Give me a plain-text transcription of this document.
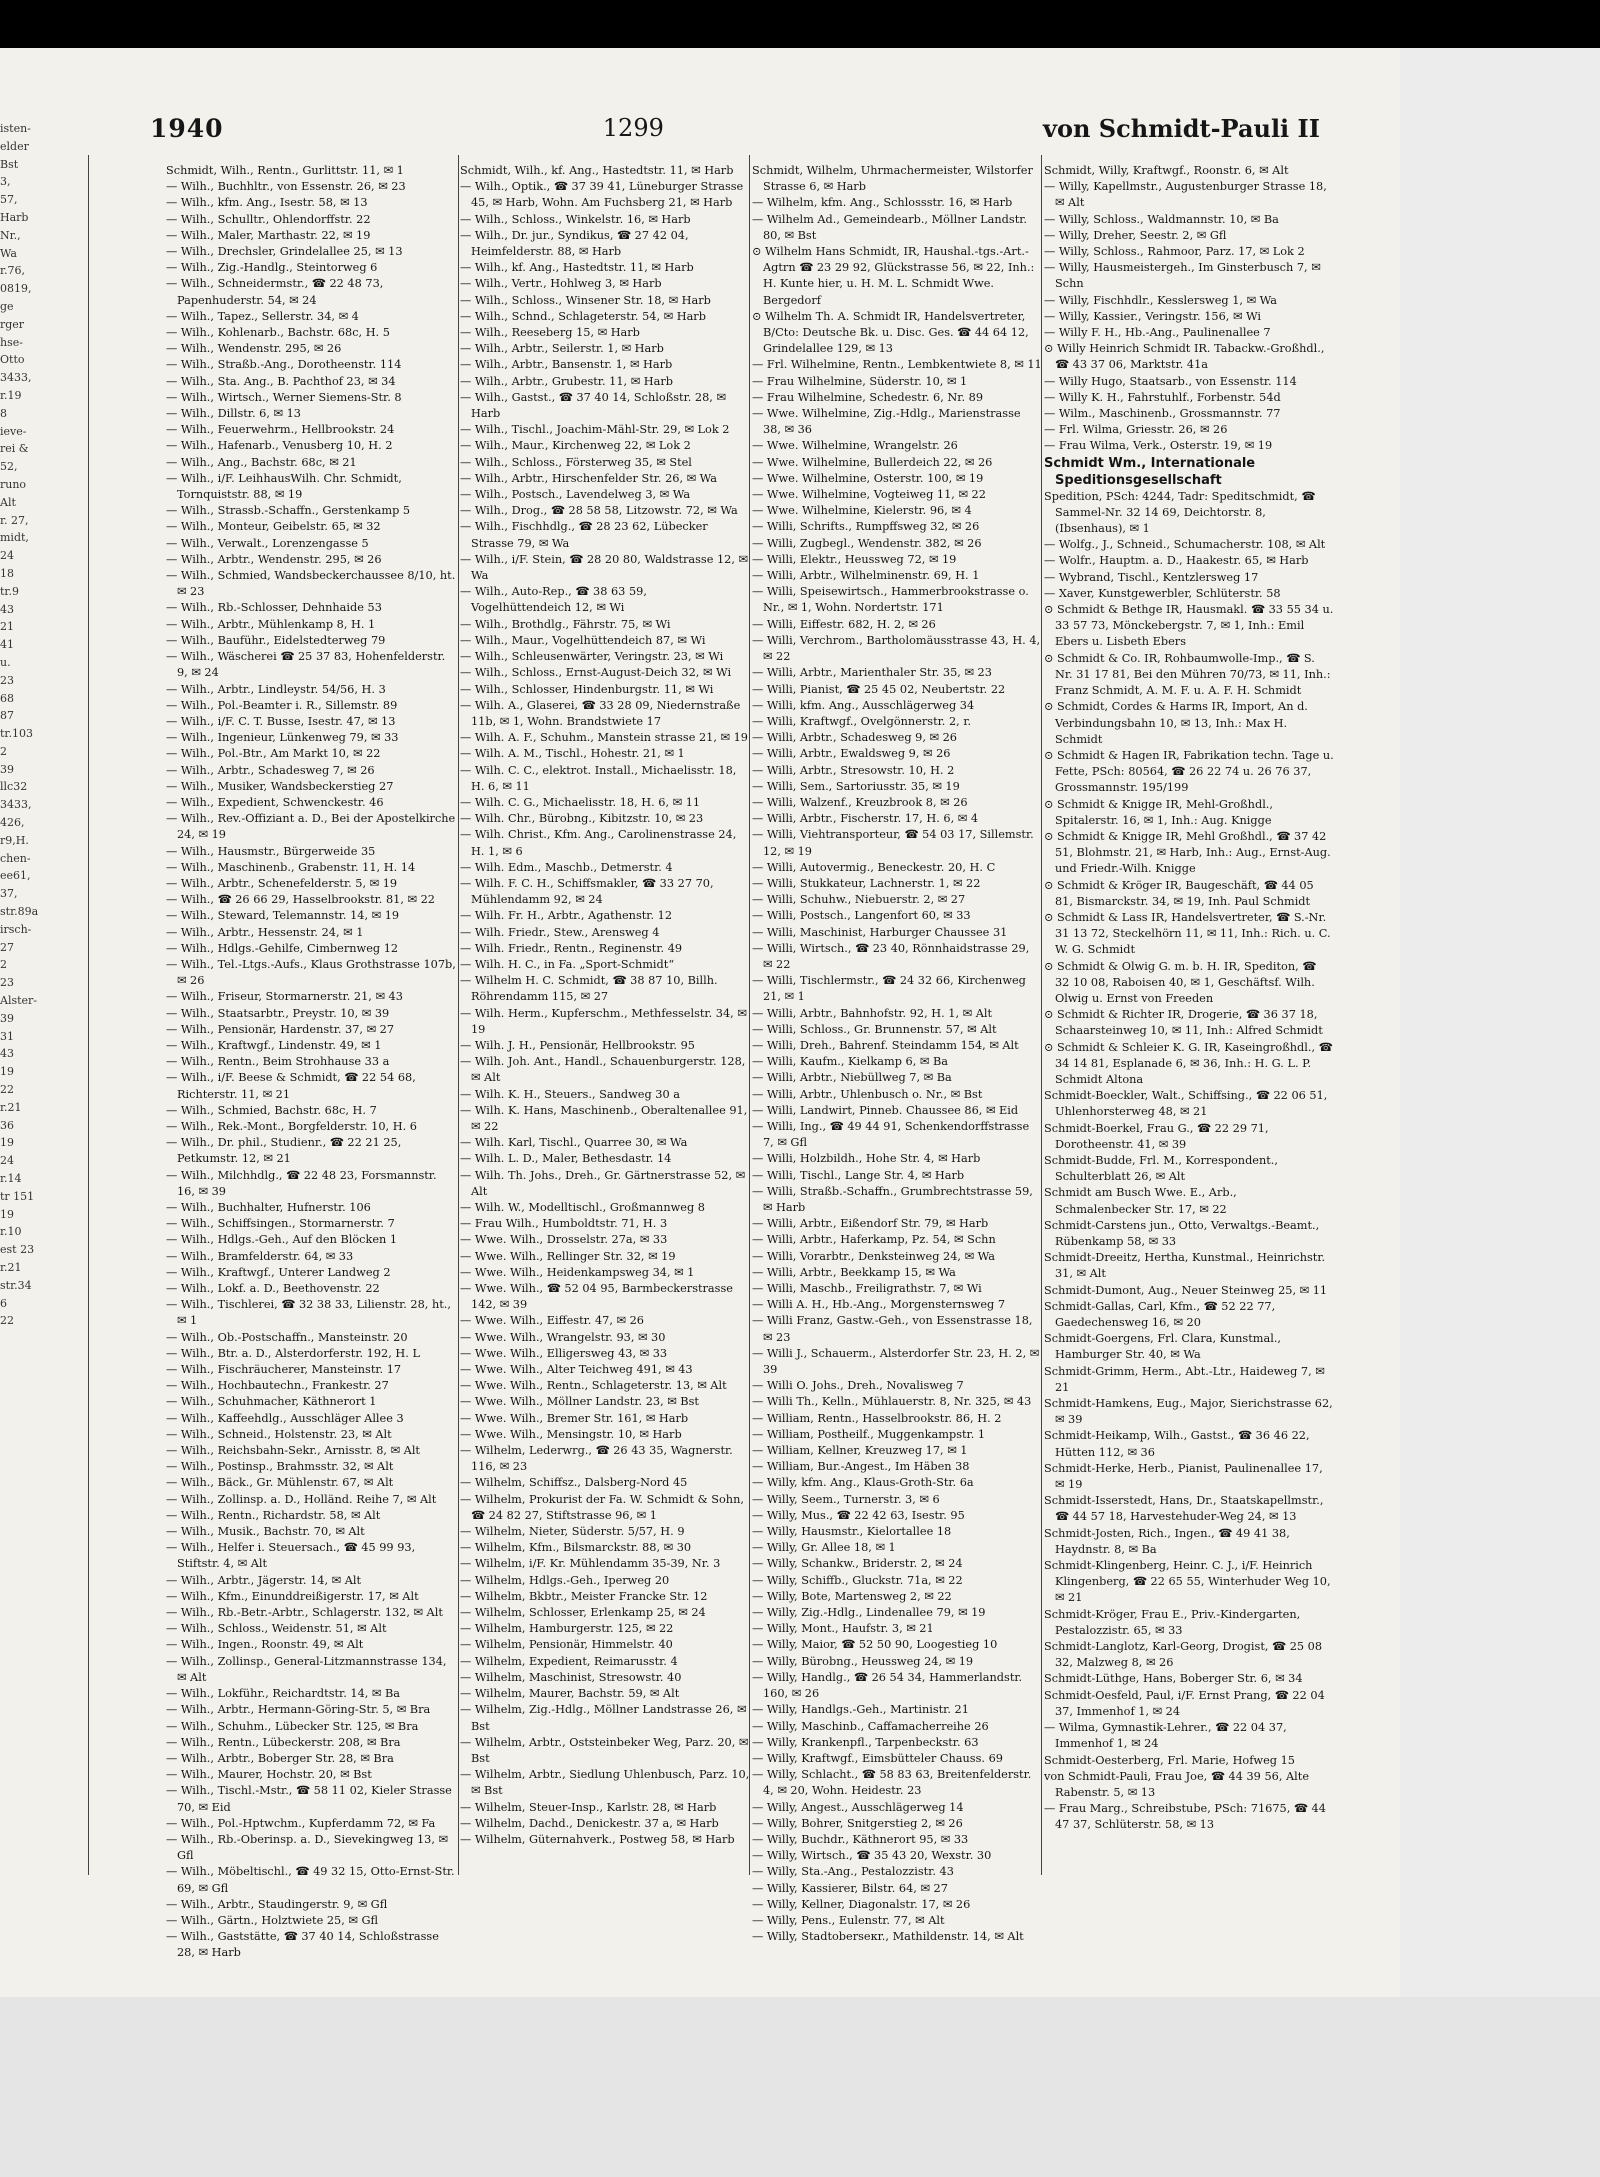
isten-
elder
Bst
3,
57,
Harb
Nr.,
Wa
r.76,
0819,
ge
rger
hse-
Otto
3433,
r.19
8
ieve-
rei &
52,
runo
Alt
r. 27,
midt,
24
18
tr.9
43
21
41
u.
23
68
87
tr.103
2
39
llc32
3433,
426,
r9,H.
chen-
ee61,
37,
str.89a
irsch-
27
2
23
Alster-
39
31
43
19
22
r.21
36
19
24
r.14
tr 151
19
r.10
est 23
r.21
str.34
6
22
1940	1299	von Schmidt-Pauli II

Schmidt, Wilh., Rentn., Gurlittstr. 11, ✉ 1

— Wilh., Buchhltr., von Essenstr. 26, ✉ 23

— Wilh., kfm. Ang., Isestr. 58, ✉ 13

— Wilh., Schulltr., Ohlendorffstr. 22

— Wilh., Maler, Marthastr. 22, ✉ 19

— Wilh., Drechsler, Grindelallee 25, ✉ 13

— Wilh., Zig.-Handlg., Steintorweg 6

— Wilh., Schneidermstr., ☎ 22 48 73, Papenhuderstr. 54, ✉ 24

— Wilh., Tapez., Sellerstr. 34, ✉ 4

— Wilh., Kohlenarb., Bachstr. 68c, H. 5

— Wilh., Wendenstr. 295, ✉ 26

— Wilh., Straßb.-Ang., Dorotheenstr. 114

— Wilh., Sta. Ang., B. Pachthof 23, ✉ 34

— Wilh., Wirtsch., Werner Siemens-Str. 8

— Wilh., Dillstr. 6, ✉ 13

— Wilh., Feuerwehrm., Hellbrookstr. 24

— Wilh., Hafenarb., Venusberg 10, H. 2

— Wilh., Ang., Bachstr. 68c, ✉ 21

— Wilh., i/F. LeihhausWilh. Chr. Schmidt, Tornquiststr. 88, ✉ 19

— Wilh., Strassb.-Schaffn., Gerstenkamp 5

— Wilh., Monteur, Geibelstr. 65, ✉ 32

— Wilh., Verwalt., Lorenzengasse 5

— Wilh., Arbtr., Wendenstr. 295, ✉ 26

— Wilh., Schmied, Wandsbeckerchaussee 8/10, ht. ✉ 23

— Wilh., Rb.-Schlosser, Dehnhaide 53

— Wilh., Arbtr., Mühlenkamp 8, H. 1

— Wilh., Bauführ., Eidelstedterweg 79

— Wilh., Wäscherei ☎ 25 37 83, Hohenfelderstr. 9, ✉ 24

— Wilh., Arbtr., Lindleystr. 54/56, H. 3

— Wilh., Pol.-Beamter i. R., Sillemstr. 89

— Wilh., i/F. C. T. Busse, Isestr. 47, ✉ 13

— Wilh., Ingenieur, Lünkenweg 79, ✉ 33

— Wilh., Pol.-Btr., Am Markt 10, ✉ 22

— Wilh., Arbtr., Schadesweg 7, ✉ 26

— Wilh., Musiker, Wandsbeckerstieg 27

— Wilh., Expedient, Schwenckestr. 46

— Wilh., Rev.-Offiziant a. D., Bei der Apostelkirche 24, ✉ 19

— Wilh., Hausmstr., Bürgerweide 35

— Wilh., Maschinenb., Grabenstr. 11, H. 14

— Wilh., Arbtr., Schenefelderstr. 5, ✉ 19

— Wilh., ☎ 26 66 29, Hasselbrookstr. 81, ✉ 22

— Wilh., Steward, Telemannstr. 14, ✉ 19

— Wilh., Arbtr., Hessenstr. 24, ✉ 1

— Wilh., Hdlgs.-Gehilfe, Cimbernweg 12

— Wilh., Tel.-Ltgs.-Aufs., Klaus Grothstrasse 107b, ✉ 26

— Wilh., Friseur, Stormarnerstr. 21, ✉ 43

— Wilh., Staatsarbtr., Preystr. 10, ✉ 39

— Wilh., Pensionär, Hardenstr. 37, ✉ 27

— Wilh., Kraftwgf., Lindenstr. 49, ✉ 1

— Wilh., Rentn., Beim Strohhause 33 a

— Wilh., i/F. Beese & Schmidt, ☎ 22 54 68, Richterstr. 11, ✉ 21

— Wilh., Schmied, Bachstr. 68c, H. 7

— Wilh., Rek.-Mont., Borgfelderstr. 10, H. 6

— Wilh., Dr. phil., Studienr., ☎ 22 21 25, Petkumstr. 12, ✉ 21

— Wilh., Milchhdlg., ☎ 22 48 23, Forsmannstr. 16, ✉ 39

— Wilh., Buchhalter, Hufnerstr. 106

— Wilh., Schiffsingen., Stormarnerstr. 7

— Wilh., Hdlgs.-Geh., Auf den Blöcken 1

— Wilh., Bramfelderstr. 64, ✉ 33

— Wilh., Kraftwgf., Unterer Landweg 2

— Wilh., Lokf. a. D., Beethovenstr. 22

— Wilh., Tischlerei, ☎ 32 38 33, Lilienstr. 28, ht., ✉ 1

— Wilh., Ob.-Postschaffn., Mansteinstr. 20

— Wilh., Btr. a. D., Alsterdorferstr. 192, H. L

— Wilh., Fischräucherer, Mansteinstr. 17

— Wilh., Hochbautechn., Frankestr. 27

— Wilh., Schuhmacher, Käthnerort 1

— Wilh., Kaffeehdlg., Ausschläger Allee 3

— Wilh., Schneid., Holstenstr. 23, ✉ Alt

— Wilh., Reichsbahn-Sekr., Arnisstr. 8, ✉ Alt

— Wilh., Postinsp., Brahmsstr. 32, ✉ Alt

— Wilh., Bäck., Gr. Mühlenstr. 67, ✉ Alt

— Wilh., Zollinsp. a. D., Holländ. Reihe 7, ✉ Alt

— Wilh., Rentn., Richardstr. 58, ✉ Alt

— Wilh., Musik., Bachstr. 70, ✉ Alt

— Wilh., Helfer i. Steuersach., ☎ 45 99 93, Stiftstr. 4, ✉ Alt

— Wilh., Arbtr., Jägerstr. 14, ✉ Alt

— Wilh., Kfm., Einunddreißigerstr. 17, ✉ Alt

— Wilh., Rb.-Betr.-Arbtr., Schlagerstr. 132, ✉ Alt

— Wilh., Schloss., Weidenstr. 51, ✉ Alt

— Wilh., Ingen., Roonstr. 49, ✉ Alt

— Wilh., Zollinsp., General-Litzmannstrasse 134, ✉ Alt

— Wilh., Lokführ., Reichardtstr. 14, ✉ Ba

— Wilh., Arbtr., Hermann-Göring-Str. 5, ✉ Bra

— Wilh., Schuhm., Lübecker Str. 125, ✉ Bra

— Wilh., Rentn., Lübeckerstr. 208, ✉ Bra

— Wilh., Arbtr., Boberger Str. 28, ✉ Bra

— Wilh., Maurer, Hochstr. 20, ✉ Bst

— Wilh., Tischl.-Mstr., ☎ 58 11 02, Kieler Strasse 70, ✉ Eid

— Wilh., Pol.-Hptwchm., Kupferdamm 72, ✉ Fa

— Wilh., Rb.-Oberinsp. a. D., Sievekingweg 13, ✉ Gfl

— Wilh., Möbeltischl., ☎ 49 32 15, Otto-Ernst-Str. 69, ✉ Gfl

— Wilh., Arbtr., Staudingerstr. 9, ✉ Gfl

— Wilh., Gärtn., Holztwiete 25, ✉ Gfl

— Wilh., Gaststätte, ☎ 37 40 14, Schloßstrasse 28, ✉ Harb

Schmidt, Wilh., kf. Ang., Hastedtstr. 11, ✉ Harb

— Wilh., Optik., ☎ 37 39 41, Lüneburger Strasse 45, ✉ Harb, Wohn. Am Fuchsberg 21, ✉ Harb

— Wilh., Schloss., Winkelstr. 16, ✉ Harb

— Wilh., Dr. jur., Syndikus, ☎ 27 42 04, Heimfelderstr. 88, ✉ Harb

— Wilh., kf. Ang., Hastedtstr. 11, ✉ Harb

— Wilh., Vertr., Hohlweg 3, ✉ Harb

— Wilh., Schloss., Winsener Str. 18, ✉ Harb

— Wilh., Schnd., Schlageterstr. 54, ✉ Harb

— Wilh., Reeseberg 15, ✉ Harb

— Wilh., Arbtr., Seilerstr. 1, ✉ Harb

— Wilh., Arbtr., Bansenstr. 1, ✉ Harb

— Wilh., Arbtr., Grubestr. 11, ✉ Harb

— Wilh., Gastst., ☎ 37 40 14, Schloßstr. 28, ✉ Harb

— Wilh., Tischl., Joachim-Mähl-Str. 29, ✉ Lok 2

— Wilh., Maur., Kirchenweg 22, ✉ Lok 2

— Wilh., Schloss., Försterweg 35, ✉ Stel

— Wilh., Arbtr., Hirschenfelder Str. 26, ✉ Wa

— Wilh., Postsch., Lavendelweg 3, ✉ Wa

— Wilh., Drog., ☎ 28 58 58, Litzowstr. 72, ✉ Wa

— Wilh., Fischhdlg., ☎ 28 23 62, Lübecker Strasse 79, ✉ Wa

— Wilh., i/F. Stein, ☎ 28 20 80, Waldstrasse 12, ✉ Wa

— Wilh., Auto-Rep., ☎ 38 63 59, Vogelhüttendeich 12, ✉ Wi

— Wilh., Brothdlg., Fährstr. 75, ✉ Wi

— Wilh., Maur., Vogelhüttendeich 87, ✉ Wi

— Wilh., Schleusenwärter, Veringstr. 23, ✉ Wi

— Wilh., Schloss., Ernst-August-Deich 32, ✉ Wi

— Wilh., Schlosser, Hindenburgstr. 11, ✉ Wi

— Wilh. A., Glaserei, ☎ 33 28 09, Niedernstraße 11b, ✉ 1, Wohn. Brandstwiete 17

— Wilh. A. F., Schuhm., Manstein strasse 21, ✉ 19

— Wilh. A. M., Tischl., Hohestr. 21, ✉ 1

— Wilh. C. C., elektrot. Install., Michaelisstr. 18, H. 6, ✉ 11

— Wilh. C. G., Michaelisstr. 18, H. 6, ✉ 11

— Wilh. Chr., Bürobng., Kibitzstr. 10, ✉ 23

— Wilh. Christ., Kfm. Ang., Carolinenstrasse 24, H. 1, ✉ 6

— Wilh. Edm., Maschb., Detmerstr. 4

— Wilh. F. C. H., Schiffsmakler, ☎ 33 27 70, Mühlendamm 92, ✉ 24

— Wilh. Fr. H., Arbtr., Agathenstr. 12

— Wilh. Friedr., Stew., Arensweg 4

— Wilh. Friedr., Rentn., Reginenstr. 49

— Wilh. H. C., in Fa. „Sport-Schmidt“

— Wilhelm H. C. Schmidt, ☎ 38 87 10, Billh. Röhrendamm 115, ✉ 27

— Wilh. Herm., Kupferschm., Methfesselstr. 34, ✉ 19

— Wilh. J. H., Pensionär, Hellbrookstr. 95

— Wilh. Joh. Ant., Handl., Schauenburgerstr. 128, ✉ Alt

— Wilh. K. H., Steuers., Sandweg 30 a

— Wilh. K. Hans, Maschinenb., Oberaltenallee 91, ✉ 22

— Wilh. Karl, Tischl., Quarree 30, ✉ Wa

— Wilh. L. D., Maler, Bethesdastr. 14

— Wilh. Th. Johs., Dreh., Gr. Gärtnerstrasse 52, ✉ Alt

— Wilh. W., Modelltischl., Großmannweg 8

— Frau Wilh., Humboldtstr. 71, H. 3

— Wwe. Wilh., Drosselstr. 27a, ✉ 33

— Wwe. Wilh., Rellinger Str. 32, ✉ 19

— Wwe. Wilh., Heidenkampsweg 34, ✉ 1

— Wwe. Wilh., ☎ 52 04 95, Barmbeckerstrasse 142, ✉ 39

— Wwe. Wilh., Eiffestr. 47, ✉ 26

— Wwe. Wilh., Wrangelstr. 93, ✉ 30

— Wwe. Wilh., Elligersweg 43, ✉ 33

— Wwe. Wilh., Alter Teichweg 491, ✉ 43

— Wwe. Wilh., Rentn., Schlageterstr. 13, ✉ Alt

— Wwe. Wilh., Möllner Landstr. 23, ✉ Bst

— Wwe. Wilh., Bremer Str. 161, ✉ Harb

— Wwe. Wilh., Mensingstr. 10, ✉ Harb

— Wilhelm, Lederwrg., ☎ 26 43 35, Wagnerstr. 116, ✉ 23

— Wilhelm, Schiffsz., Dalsberg-Nord 45

— Wilhelm, Prokurist der Fa. W. Schmidt & Sohn, ☎ 24 82 27, Stiftstrasse 96, ✉ 1

— Wilhelm, Nieter, Süderstr. 5/57, H. 9

— Wilhelm, Kfm., Bilsmarckstr. 88, ✉ 30

— Wilhelm, i/F. Kr. Mühlendamm 35-39, Nr. 3

— Wilhelm, Hdlgs.-Geh., Iperweg 20

— Wilhelm, Bkbtr., Meister Francke Str. 12

— Wilhelm, Schlosser, Erlenkamp 25, ✉ 24

— Wilhelm, Hamburgerstr. 125, ✉ 22

— Wilhelm, Pensionär, Himmelstr. 40

— Wilhelm, Expedient, Reimarusstr. 4

— Wilhelm, Maschinist, Stresowstr. 40

— Wilhelm, Maurer, Bachstr. 59, ✉ Alt

— Wilhelm, Zig.-Hdlg., Möllner Landstrasse 26, ✉ Bst

— Wilhelm, Arbtr., Oststeinbeker Weg, Parz. 20, ✉ Bst

— Wilhelm, Arbtr., Siedlung Uhlenbusch, Parz. 10, ✉ Bst

— Wilhelm, Steuer-Insp., Karlstr. 28, ✉ Harb

— Wilhelm, Dachd., Denickestr. 37 a, ✉ Harb

— Wilhelm, Güternahverk., Postweg 58, ✉ Harb

Schmidt, Wilhelm, Uhrmachermeister, Wilstorfer Strasse 6, ✉ Harb

— Wilhelm, kfm. Ang., Schlossstr. 16, ✉ Harb

— Wilhelm Ad., Gemeindearb., Möllner Landstr. 80, ✉ Bst

⊙ Wilhelm Hans Schmidt, IR, Haushal.-tgs.-Art.-Agtrn ☎ 23 29 92, Glückstrasse 56, ✉ 22, Inh.: H. Kunte hier, u. H. M. L. Schmidt Wwe. Bergedorf

⊙ Wilhelm Th. A. Schmidt IR, Handelsvertreter, B/Cto: Deutsche Bk. u. Disc. Ges. ☎ 44 64 12, Grindelallee 129, ✉ 13

— Frl. Wilhelmine, Rentn., Lembkentwiete 8, ✉ 11

— Frau Wilhelmine, Süderstr. 10, ✉ 1

— Frau Wilhelmine, Schedestr. 6, Nr. 89

— Wwe. Wilhelmine, Zig.-Hdlg., Marienstrasse 38, ✉ 36

— Wwe. Wilhelmine, Wrangelstr. 26

— Wwe. Wilhelmine, Bullerdeich 22, ✉ 26

— Wwe. Wilhelmine, Osterstr. 100, ✉ 19

— Wwe. Wilhelmine, Vogteiweg 11, ✉ 22

— Wwe. Wilhelmine, Kielerstr. 96, ✉ 4

— Willi, Schrifts., Rumpffsweg 32, ✉ 26

— Willi, Zugbegl., Wendenstr. 382, ✉ 26

— Willi, Elektr., Heussweg 72, ✉ 19

— Willi, Arbtr., Wilhelminenstr. 69, H. 1

— Willi, Speisewirtsch., Hammerbrookstrasse o. Nr., ✉ 1, Wohn. Nordertstr. 171

— Willi, Eiffestr. 682, H. 2, ✉ 26

— Willi, Verchrom., Bartholomäusstrasse 43, H. 4, ✉ 22

— Willi, Arbtr., Marienthaler Str. 35, ✉ 23

— Willi, Pianist, ☎ 25 45 02, Neubertstr. 22

— Willi, kfm. Ang., Ausschlägerweg 34

— Willi, Kraftwgf., Ovelgönnerstr. 2, r.

— Willi, Arbtr., Schadesweg 9, ✉ 26

— Willi, Arbtr., Ewaldsweg 9, ✉ 26

— Willi, Arbtr., Stresowstr. 10, H. 2

— Willi, Sem., Sartoriusstr. 35, ✉ 19

— Willi, Walzenf., Kreuzbrook 8, ✉ 26

— Willi, Arbtr., Fischerstr. 17, H. 6, ✉ 4

— Willi, Viehtransporteur, ☎ 54 03 17, Sillemstr. 12, ✉ 19

— Willi, Autovermig., Beneckestr. 20, H. C

— Willi, Stukkateur, Lachnerstr. 1, ✉ 22

— Willi, Schuhw., Niebuerstr. 2, ✉ 27

— Willi, Postsch., Langenfort 60, ✉ 33

— Willi, Maschinist, Harburger Chaussee 31

— Willi, Wirtsch., ☎ 23 40, Rönnhaidstrasse 29, ✉ 22

— Willi, Tischlermstr., ☎ 24 32 66, Kirchenweg 21, ✉ 1

— Willi, Arbtr., Bahnhofstr. 92, H. 1, ✉ Alt

— Willi, Schloss., Gr. Brunnenstr. 57, ✉ Alt

— Willi, Dreh., Bahrenf. Steindamm 154, ✉ Alt

— Willi, Kaufm., Kielkamp 6, ✉ Ba

— Willi, Arbtr., Niebüllweg 7, ✉ Ba

— Willi, Arbtr., Uhlenbusch o. Nr., ✉ Bst

— Willi, Landwirt, Pinneb. Chaussee 86, ✉ Eid

— Willi, Ing., ☎ 49 44 91, Schenkendorffstrasse 7, ✉ Gfl

— Willi, Holzbildh., Hohe Str. 4, ✉ Harb

— Willi, Tischl., Lange Str. 4, ✉ Harb

— Willi, Straßb.-Schaffn., Grumbrechtstrasse 59, ✉ Harb

— Willi, Arbtr., Eißendorf Str. 79, ✉ Harb

— Willi, Arbtr., Haferkamp, Pz. 54, ✉ Schn

— Willi, Vorarbtr., Denksteinweg 24, ✉ Wa

— Willi, Arbtr., Beekkamp 15, ✉ Wa

— Willi, Maschb., Freiligrathstr. 7, ✉ Wi

— Willi A. H., Hb.-Ang., Morgensternsweg 7

— Willi Franz, Gastw.-Geh., von Essenstrasse 18, ✉ 23

— Willi J., Schauerm., Alsterdorfer Str. 23, H. 2, ✉ 39

— Willi O. Johs., Dreh., Novalisweg 7

— Willi Th., Kelln., Mühlauerstr. 8, Nr. 325, ✉ 43

— William, Rentn., Hasselbrookstr. 86, H. 2

— William, Postheilf., Muggenkampstr. 1

— William, Kellner, Kreuzweg 17, ✉ 1

— William, Bur.-Angest., Im Häben 38

— Willy, kfm. Ang., Klaus-Groth-Str. 6a

— Willy, Seem., Turnerstr. 3, ✉ 6

— Willy, Mus., ☎ 22 42 63, Isestr. 95

— Willy, Hausmstr., Kielortallee 18

— Willy, Gr. Allee 18, ✉ 1

— Willy, Schankw., Briderstr. 2, ✉ 24

— Willy, Schiffb., Gluckstr. 71a, ✉ 22

— Willy, Bote, Martensweg 2, ✉ 22

— Willy, Zig.-Hdlg., Lindenallee 79, ✉ 19

— Willy, Mont., Haufstr. 3, ✉ 21

— Willy, Maior, ☎ 52 50 90, Loogestieg 10

— Willy, Bürobng., Heussweg 24, ✉ 19

— Willy, Handlg., ☎ 26 54 34, Hammerlandstr. 160, ✉ 26

— Willy, Handlgs.-Geh., Martinistr. 21

— Willy, Maschinb., Caffamacherreihe 26

— Willy, Krankenpfl., Tarpenbeckstr. 63

— Willy, Kraftwgf., Eimsbütteler Chauss. 69

— Willy, Schlacht., ☎ 58 83 63, Breitenfelderstr. 4, ✉ 20, Wohn. Heidestr. 23

— Willy, Angest., Ausschlägerweg 14

— Willy, Bohrer, Snitgerstieg 2, ✉ 26

— Willy, Buchdr., Käthnerort 95, ✉ 33

— Willy, Wirtsch., ☎ 35 43 20, Wexstr. 30

— Willy, Sta.-Ang., Pestalozzistr. 43

— Willy, Kassierer, Bilstr. 64, ✉ 27

— Willy, Kellner, Diagonalstr. 17, ✉ 26

— Willy, Pens., Eulenstr. 77, ✉ Alt

— Willy, Stadtoberseкr., Mathildenstr. 14, ✉ Alt

Schmidt, Willy, Kraftwgf., Roonstr. 6, ✉ Alt

— Willy, Kapellmstr., Augustenburger Strasse 18, ✉ Alt

— Willy, Schloss., Waldmannstr. 10, ✉ Ba

— Willy, Dreher, Seestr. 2, ✉ Gfl

— Willy, Schloss., Rahmoor, Parz. 17, ✉ Lok 2

— Willy, Hausmeistergeh., Im Ginsterbusch 7, ✉ Schn

— Willy, Fischhdlr., Kesslersweg 1, ✉ Wa

— Willy, Kassier., Veringstr. 156, ✉ Wi

— Willy F. H., Hb.-Ang., Paulinenallee 7

⊙ Willy Heinrich Schmidt IR. Tabackw.-Großhdl., ☎ 43 37 06, Marktstr. 41a

— Willy Hugo, Staatsarb., von Essenstr. 114

— Willy K. H., Fahrstuhlf., Forbenstr. 54d

— Wilm., Maschinenb., Grossmannstr. 77

— Frl. Wilma, Griesstr. 26, ✉ 26

— Frau Wilma, Verk., Osterstr. 19, ✉ 19

Schmidt Wm., Internationale Speditionsgesellschaft

Spedition, PSch: 4244, Tadr: Speditschmidt, ☎ Sammel-Nr. 32 14 69, Deichtorstr. 8, (Ibsenhaus), ✉ 1

— Wolfg., J., Schneid., Schumacherstr. 108, ✉ Alt

— Wolfr., Hauptm. a. D., Haakestr. 65, ✉ Harb

— Wybrand, Tischl., Kentzlersweg 17

— Xaver, Kunstgewerbler, Schlüterstr. 58

⊙ Schmidt & Bethge IR, Hausmakl. ☎ 33 55 34 u. 33 57 73, Mönckebergstr. 7, ✉ 1, Inh.: Emil Ebers u. Lisbeth Ebers

⊙ Schmidt & Co. IR, Rohbaumwolle-Imp., ☎ S. Nr. 31 17 81, Bei den Mühren 70/73, ✉ 11, Inh.: Franz Schmidt, A. M. F. u. A. F. H. Schmidt

⊙ Schmidt, Cordes & Harms IR, Import, An d. Verbindungsbahn 10, ✉ 13, Inh.: Max H. Schmidt

⊙ Schmidt & Hagen IR, Fabrikation techn. Tage u. Fette, PSch: 80564, ☎ 26 22 74 u. 26 76 37, Grossmannstr. 195/199

⊙ Schmidt & Knigge IR, Mehl-Großhdl., Spitalerstr. 16, ✉ 1, Inh.: Aug. Knigge

⊙ Schmidt & Knigge IR, Mehl Großhdl., ☎ 37 42 51, Blohmstr. 21, ✉ Harb, Inh.: Aug., Ernst-Aug. und Friedr.-Wilh. Knigge

⊙ Schmidt & Kröger IR, Baugeschäft, ☎ 44 05 81, Bismarckstr. 34, ✉ 19, Inh. Paul Schmidt

⊙ Schmidt & Lass IR, Handelsvertreter, ☎ S.-Nr. 31 13 72, Steckelhörn 11, ✉ 11, Inh.: Rich. u. C. W. G. Schmidt

⊙ Schmidt & Olwig G. m. b. H. IR, Spediton, ☎ 32 10 08, Raboisen 40, ✉ 1, Geschäftsf. Wilh. Olwig u. Ernst von Freeden

⊙ Schmidt & Richter IR, Drogerie, ☎ 36 37 18, Schaarsteinweg 10, ✉ 11, Inh.: Alfred Schmidt

⊙ Schmidt & Schleier K. G. IR, Kaseingroßhdl., ☎ 34 14 81, Esplanade 6, ✉ 36, Inh.: H. G. L. P. Schmidt Altona

Schmidt-Boeckler, Walt., Schiffsing., ☎ 22 06 51, Uhlenhorsterweg 48, ✉ 21

Schmidt-Boerkel, Frau G., ☎ 22 29 71, Dorotheenstr. 41, ✉ 39

Schmidt-Budde, Frl. M., Korrespondent., Schulterblatt 26, ✉ Alt

Schmidt am Busch Wwe. E., Arb., Schmalenbecker Str. 17, ✉ 22

Schmidt-Carstens jun., Otto, Verwaltgs.-Beamt., Rübenkamp 58, ✉ 33

Schmidt-Dreeitz, Hertha, Kunstmal., Heinrichstr. 31, ✉ Alt

Schmidt-Dumont, Aug., Neuer Steinweg 25, ✉ 11

Schmidt-Gallas, Carl, Kfm., ☎ 52 22 77, Gaedechensweg 16, ✉ 20

Schmidt-Goergens, Frl. Clara, Kunstmal., Hamburger Str. 40, ✉ Wa

Schmidt-Grimm, Herm., Abt.-Ltr., Haideweg 7, ✉ 21

Schmidt-Hamkens, Eug., Major, Sierichstrasse 62, ✉ 39

Schmidt-Heikamp, Wilh., Gastst., ☎ 36 46 22, Hütten 112, ✉ 36

Schmidt-Herke, Herb., Pianist, Paulinenallee 17, ✉ 19

Schmidt-Isserstedt, Hans, Dr., Staatskapellmstr., ☎ 44 57 18, Harvestehuder-Weg 24, ✉ 13

Schmidt-Josten, Rich., Ingen., ☎ 49 41 38, Haydnstr. 8, ✉ Ba

Schmidt-Klingenberg, Heinr. C. J., i/F. Heinrich Klingenberg, ☎ 22 65 55, Winterhuder Weg 10, ✉ 21

Schmidt-Kröger, Frau E., Priv.-Kindergarten, Pestalozzistr. 65, ✉ 33

Schmidt-Langlotz, Karl-Georg, Drogist, ☎ 25 08 32, Malzweg 8, ✉ 26

Schmidt-Lüthge, Hans, Boberger Str. 6, ✉ 34

Schmidt-Oesfeld, Paul, i/F. Ernst Prang, ☎ 22 04 37, Immenhof 1, ✉ 24

— Wilma, Gymnastik-Lehrer., ☎ 22 04 37, Immenhof 1, ✉ 24

Schmidt-Oesterberg, Frl. Marie, Hofweg 15

von Schmidt-Pauli, Frau Joe, ☎ 44 39 56, Alte Rabenstr. 5, ✉ 13

— Frau Marg., Schreibstube, PSch: 71675, ☎ 44 47 37, Schlüterstr. 58, ✉ 13
